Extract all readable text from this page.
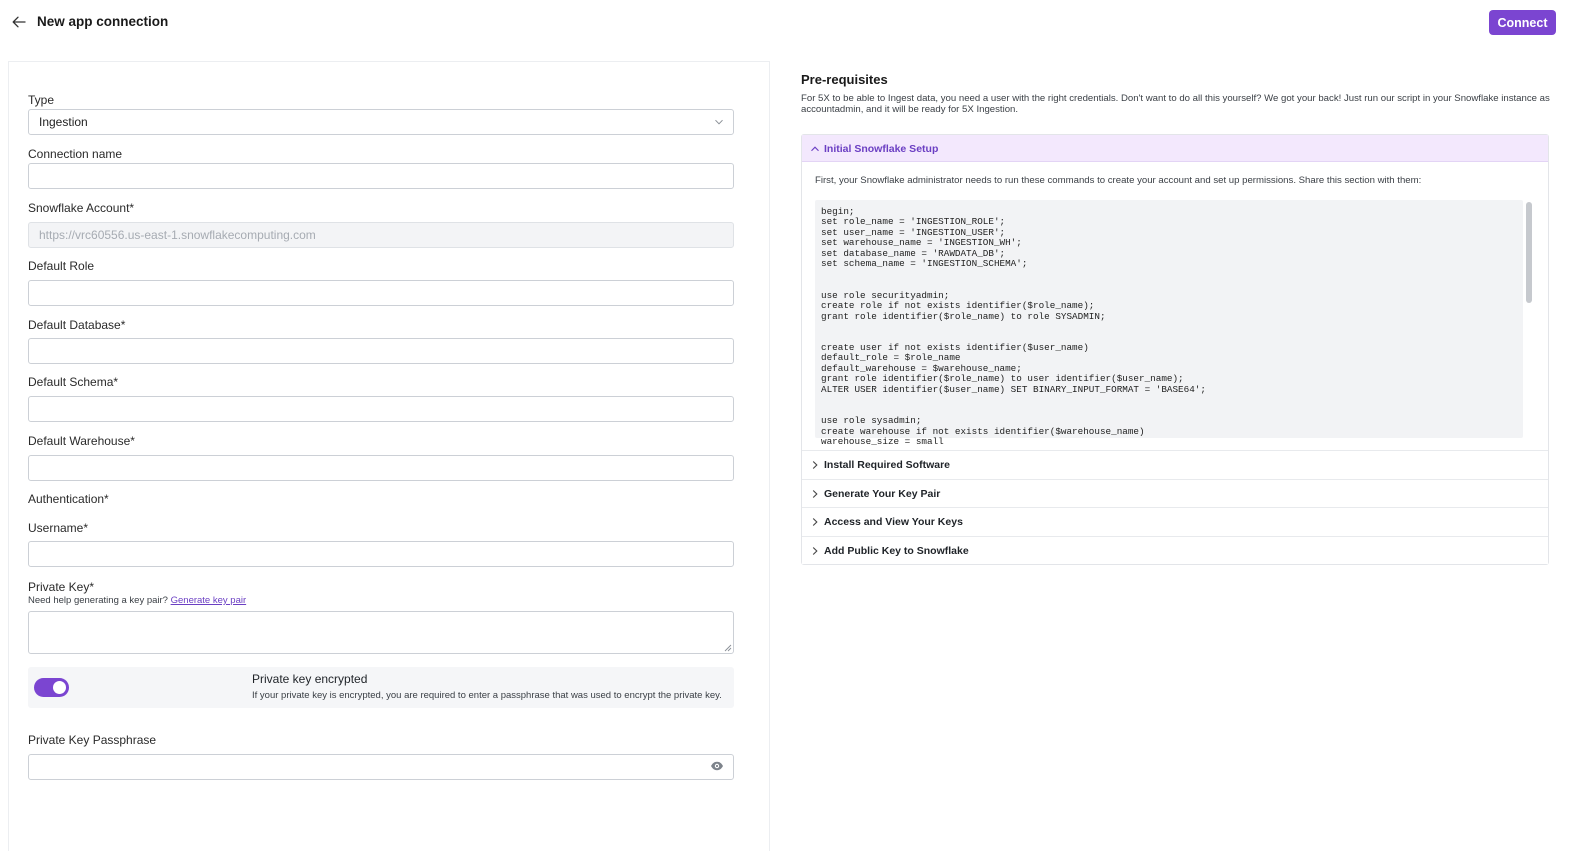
New app connection	Connect
Type
Ingestion
Connection name
Snowflake Account*
https://vrc60556.us-east-1.snowflakecomputing.com
Default Role
Default Database*
Default Schema*
Default Warehouse*
Authentication*
Username*
Private Key*
Need help generating a key pair? Generate key pair
Private key encrypted
If your private key is encrypted, you are required to enter a passphrase that was used to encrypt the private key.
Private Key Passphrase
Pre-requisites
For 5X to be able to Ingest data, you need a user with the right credentials. Don't want to do all this yourself? We got your back! Just run our script in your Snowflake instance as accountadmin, and it will be ready for 5X Ingestion.
Initial Snowflake Setup
First, your Snowflake administrator needs to run these commands to create your account and set up permissions. Share this section with them:
begin;
set role_name = 'INGESTION_ROLE';
set user_name = 'INGESTION_USER';
set warehouse_name = 'INGESTION_WH';
set database_name = 'RAWDATA_DB';
set schema_name = 'INGESTION_SCHEMA';

use role securityadmin;
create role if not exists identifier($role_name);
grant role identifier($role_name) to role SYSADMIN;

create user if not exists identifier($user_name)
default_role = $role_name
default_warehouse = $warehouse_name;
grant role identifier($role_name) to user identifier($user_name);
ALTER USER identifier($user_name) SET BINARY_INPUT_FORMAT = 'BASE64';

use role sysadmin;
create warehouse if not exists identifier($warehouse_name)
warehouse_size = small
Install Required Software
Generate Your Key Pair
Access and View Your Keys
Add Public Key to Snowflake
